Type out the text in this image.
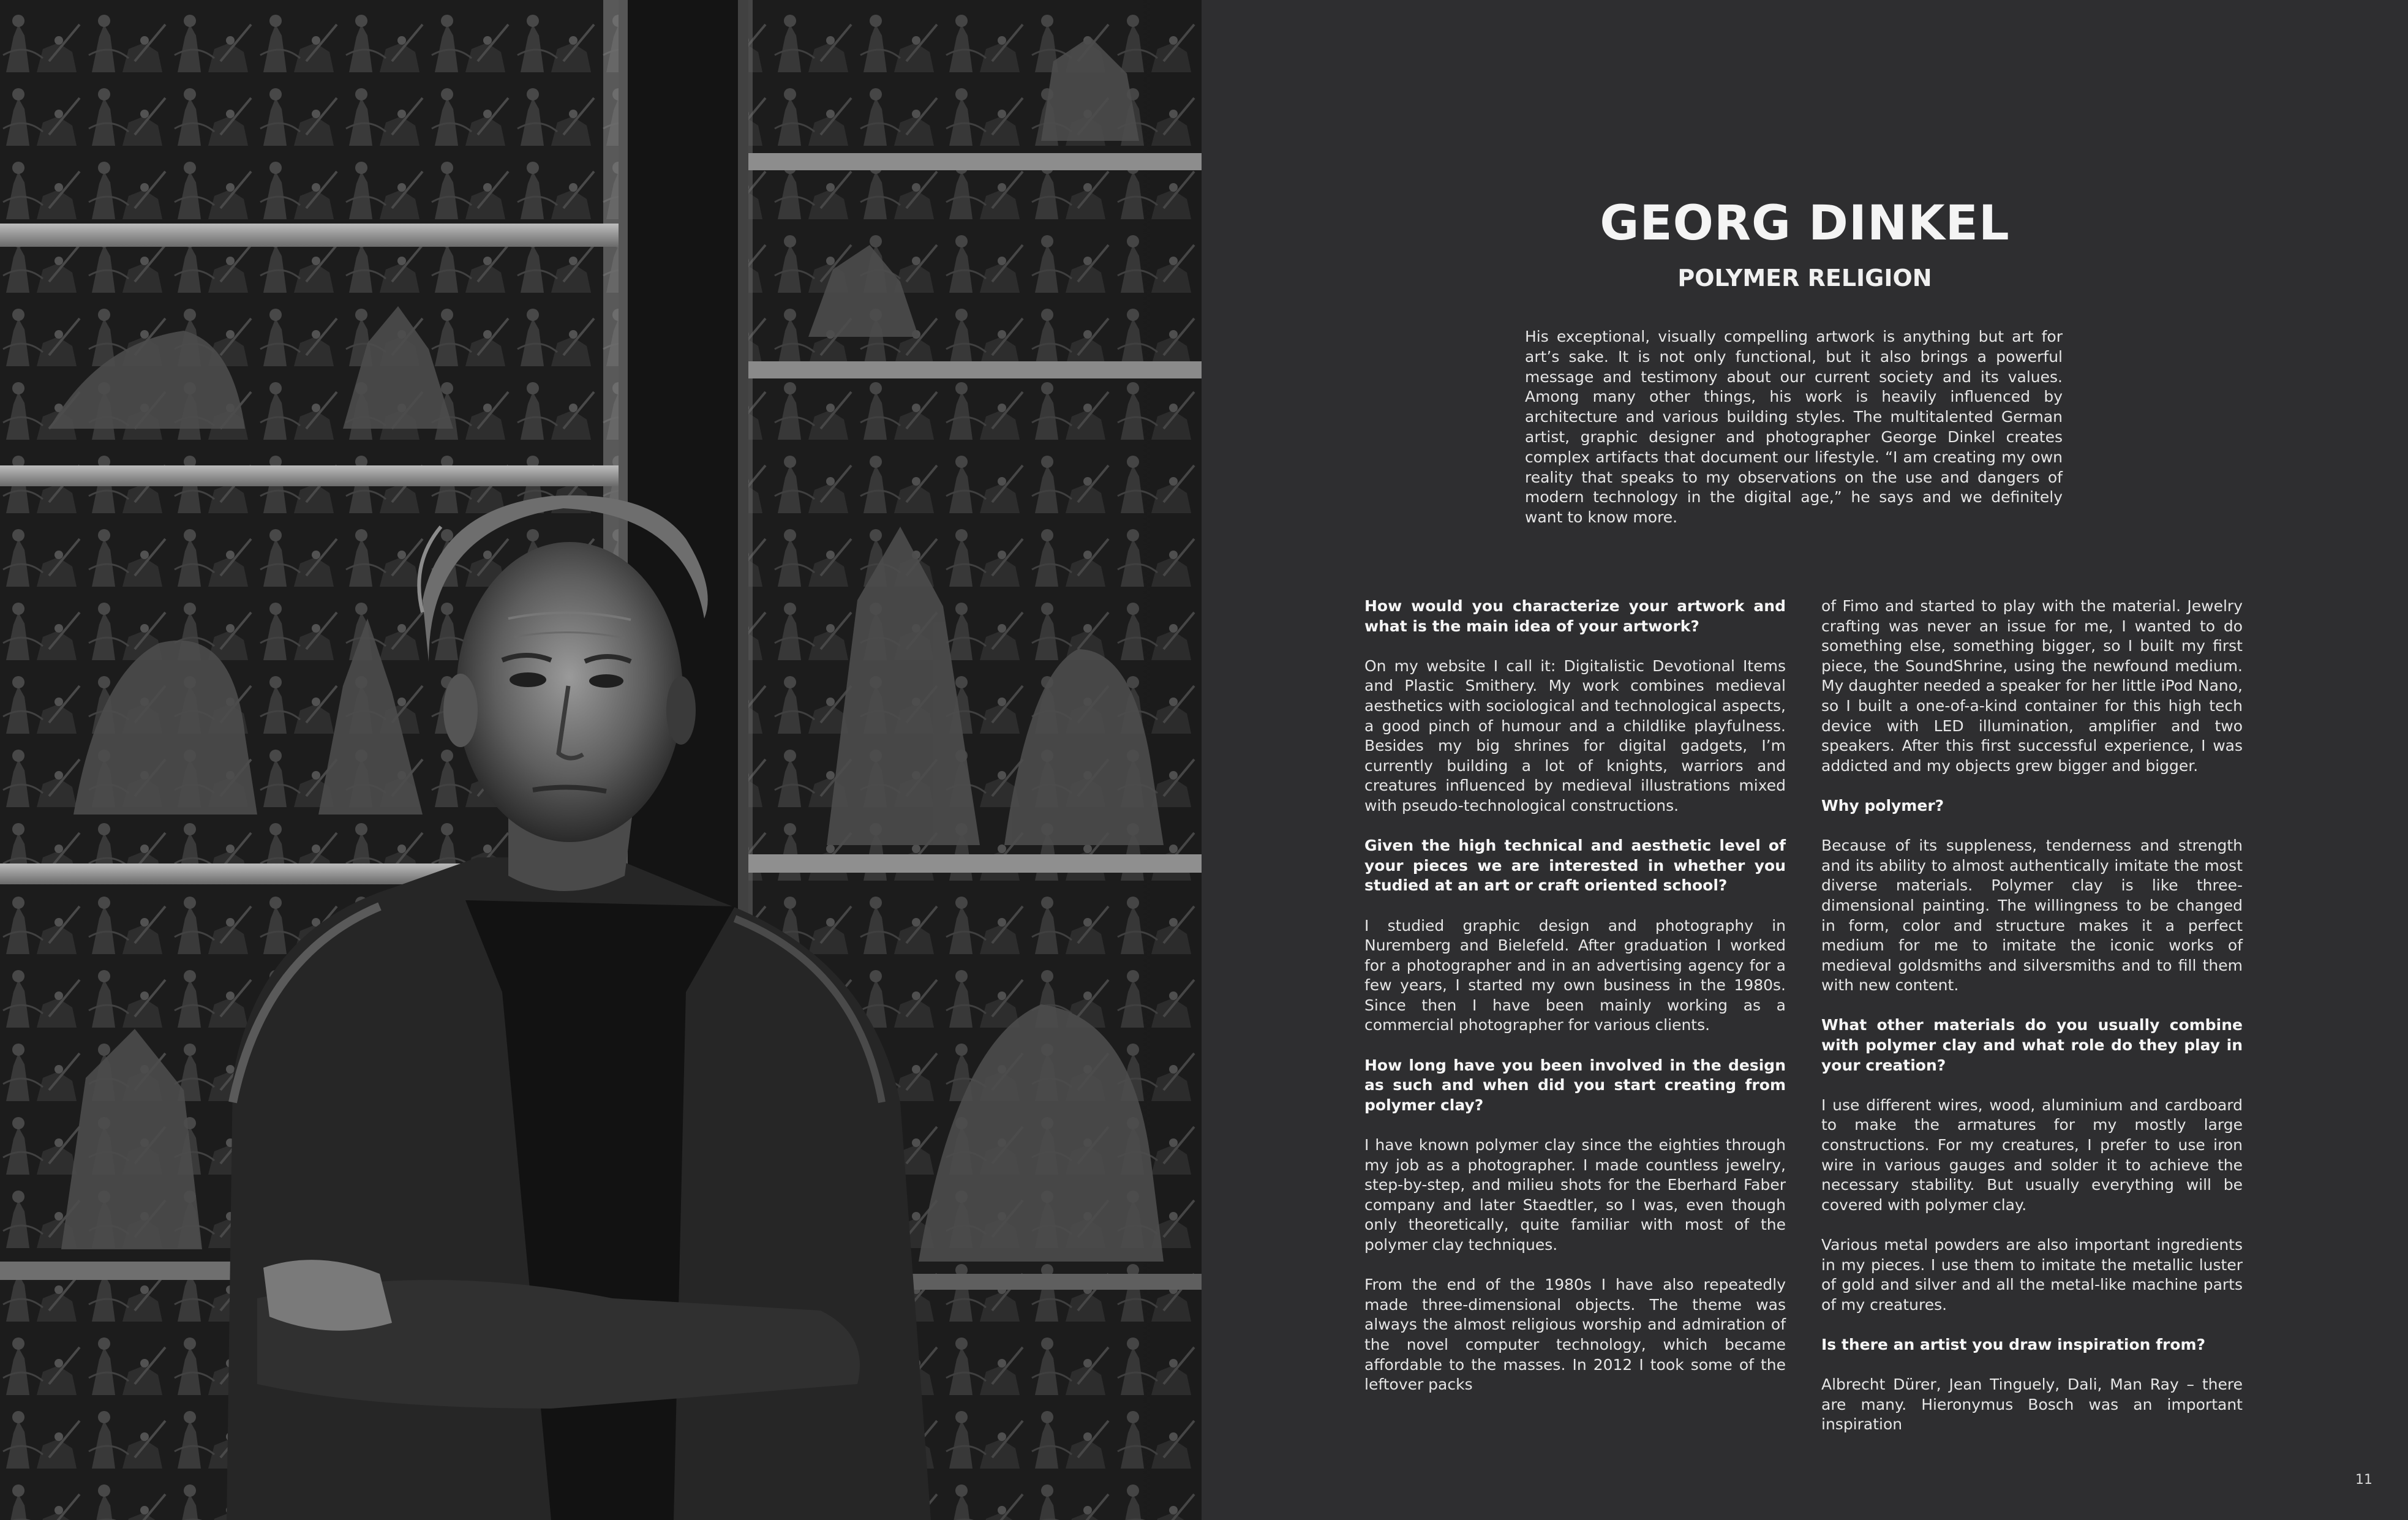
GEORG DINKEL
POLYMER RELIGION

His exceptional, visually compelling artwork is anything but art for art’s sake. It is not only functional, but it also brings a powerful message and testimony about our current society and its values. Among many other things, his work is heavily influenced by architecture and various building styles. The multitalented German artist, graphic designer and photographer George Dinkel creates complex artifacts that document our lifestyle. “I am creating my own reality that speaks to my observations on the use and dangers of modern technology in the digital age,” he says and we definitely want to know more.

How would you characterize your artwork and what is the main idea of your artwork?

On my website I call it: Digitalistic Devotional Items and Plastic Smithery. My work combines medieval aesthetics with sociological and technological aspects, a good pinch of humour and a childlike playfulness. Besides my big shrines for digital gadgets, I’m currently building a lot of knights, warriors and creatures influenced by medieval illustrations mixed with pseudo-technological constructions.

Given the high technical and aesthetic level of your pieces we are interested in whether you studied at an art or craft oriented school?

I studied graphic design and photography in Nuremberg and Bielefeld. After graduation I worked for a photographer and in an advertising agency for a few years, I started my own business in the 1980s. Since then I have been mainly working as a commercial photographer for various clients.

How long have you been involved in the design as such and when did you start creating from polymer clay?

I have known polymer clay since the eighties through my job as a photographer. I made countless jewelry, step-by-step, and milieu shots for the Eberhard Faber company and later Staedtler, so I was, even though only theoretically, quite familiar with most of the polymer clay techniques.

From the end of the 1980s I have also repeatedly made three-dimensional objects. The theme was always the almost religious worship and admiration of the novel computer technology, which became affordable to the masses. In 2012 I took some of the leftover packs

of Fimo and started to play with the material. Jewelry crafting was never an issue for me, I wanted to do something else, something bigger, so I built my first piece, the SoundShrine, using the newfound medium. My daughter needed a speaker for her little iPod Nano, so I built a one-of-a-kind container for this high tech device with LED illumination, amplifier and two speakers. After this first successful experience, I was addicted and my objects grew bigger and bigger.

Why polymer?

Because of its suppleness, tenderness and strength and its ability to almost authentically imitate the most diverse materials. Polymer clay is like three-dimensional painting. The willingness to be changed in form, color and structure makes it a perfect medium for me to imitate the iconic works of medieval goldsmiths and silversmiths and to fill them with new content.

What other materials do you usually combine with polymer clay and what role do they play in your creation?

I use different wires, wood, aluminium and cardboard to make the armatures for my mostly large constructions. For my creatures, I prefer to use iron wire in various gauges and solder it to achieve the necessary stability. But usually everything will be covered with polymer clay.

Various metal powders are also important ingredients in my pieces. I use them to imitate the metallic luster of gold and silver and all the metal-like machine parts of my creatures.

Is there an artist you draw inspiration from?

Albrecht Dürer, Jean Tinguely, Dali, Man Ray – there are many. Hieronymus Bosch was an important inspiration

11
